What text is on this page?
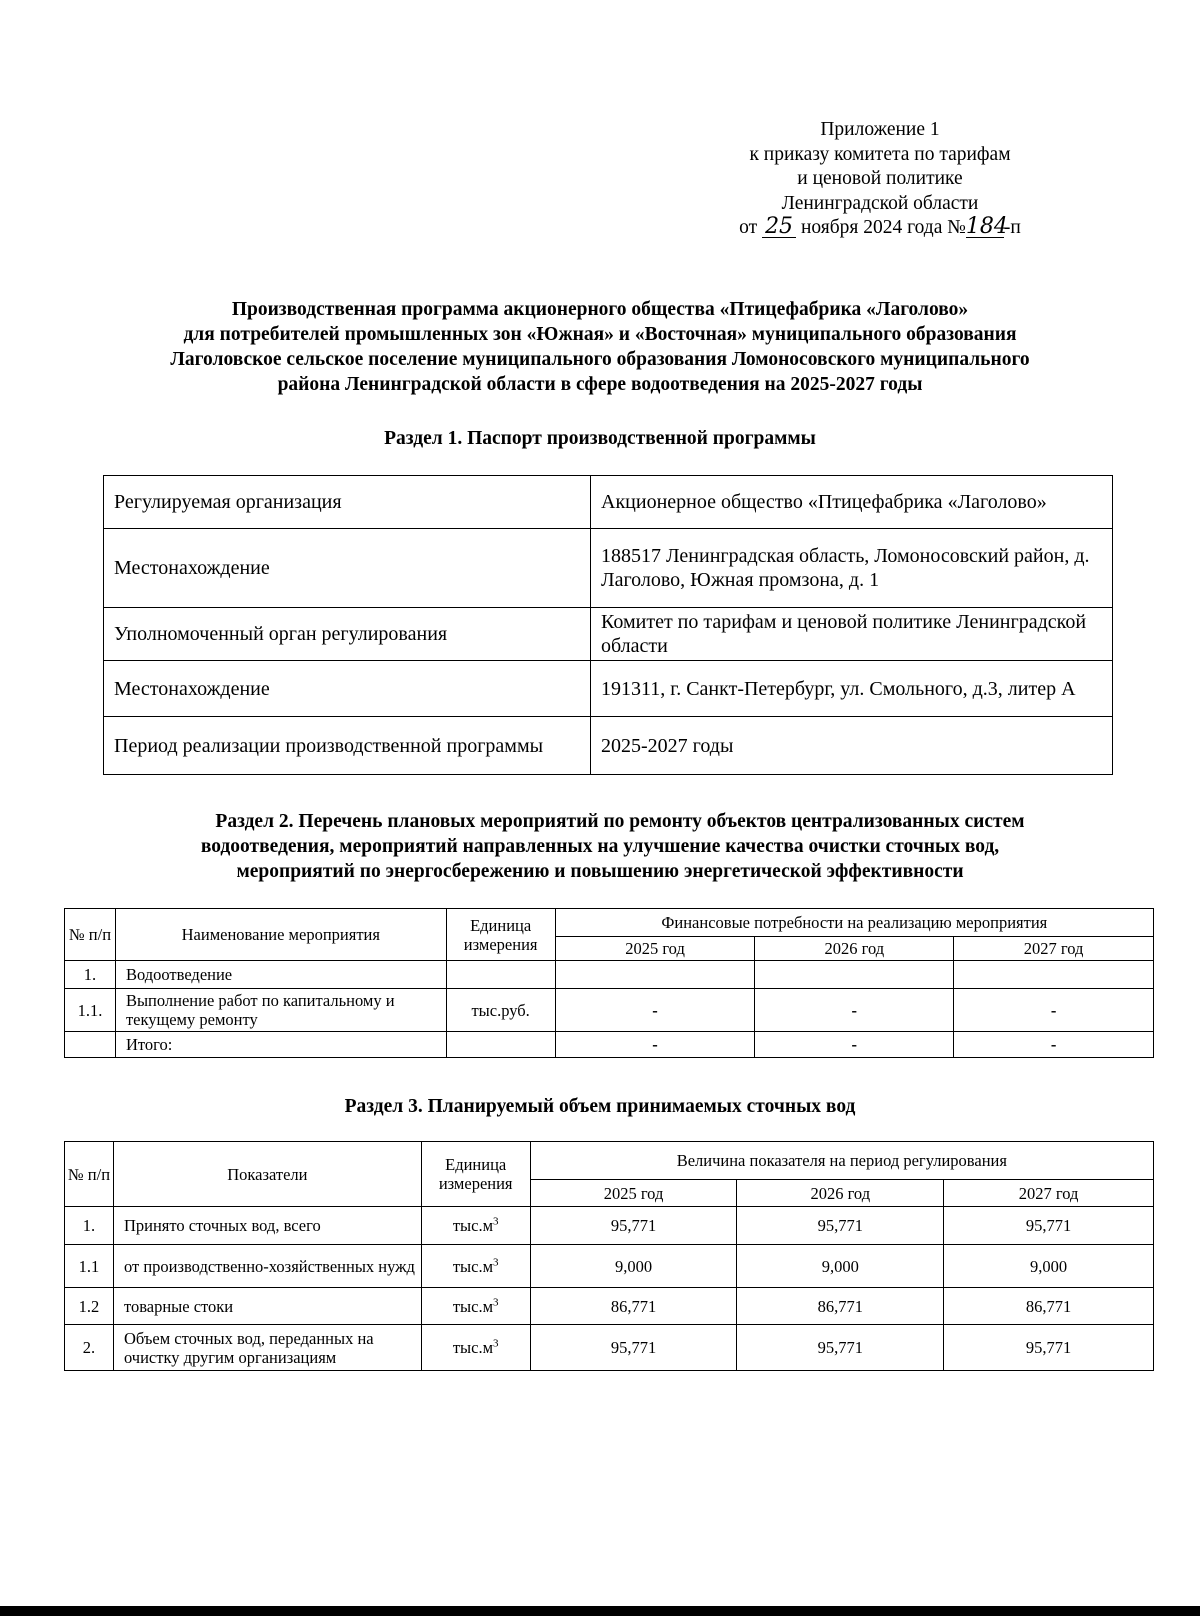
Приложение 1
к приказу комитета по тарифам
и ценовой политике
Ленинградской области
от 25 ноября 2024 года №184-п
Производственная программа акционерного общества «Птицефабрика «Лаголово»
для потребителей промышленных зон «Южная» и «Восточная» муниципального образования
Лаголовское сельское поселение муниципального образования Ломоносовского муниципального
района Ленинградской области в сфере водоотведения на 2025-2027 годы
Раздел 1. Паспорт производственной программы
Регулируемая организация	Акционерное общество «Птицефабрика «Лаголово»
Местонахождение	188517 Ленинградская область, Ломоносовский район, д. Лаголово, Южная промзона, д. 1
Уполномоченный орган регулирования	Комитет по тарифам и ценовой политике Ленинградской области
Местонахождение	191311, г. Санкт-Петербург, ул. Смольного, д.3, литер А
Период реализации производственной программы	2025-2027 годы
Раздел 2. Перечень плановых мероприятий по ремонту объектов централизованных систем
водоотведения, мероприятий направленных на улучшение качества очистки сточных вод,
мероприятий по энергосбережению и повышению энергетической эффективности
№ п/п	Наименование мероприятия	Единица измерения	Финансовые потребности на реализацию мероприятия		
			2025 год	2026 год	2027 год
1.	Водоотведение				
1.1.	Выполнение работ по капитальному и текущему ремонту	тыс.руб.	-	-	-
	Итого:		-	-	-
Раздел 3. Планируемый объем принимаемых сточных вод
№ п/п	Показатели	Единица измерения	Величина показателя на период регулирования		
			2025 год	2026 год	2027 год
1.	Принято сточных вод, всего	$тыс.м^3$	95,771	95,771	95,771
1.1	от производственно-хозяйственных нужд	$тыс.м^3$	9,000	9,000	9,000
1.2	товарные стоки	$тыс.м^3$	86,771	86,771	86,771
2.	Объем сточных вод, переданных на очистку другим организациям	$тыс.м^3$	95,771	95,771	95,771
